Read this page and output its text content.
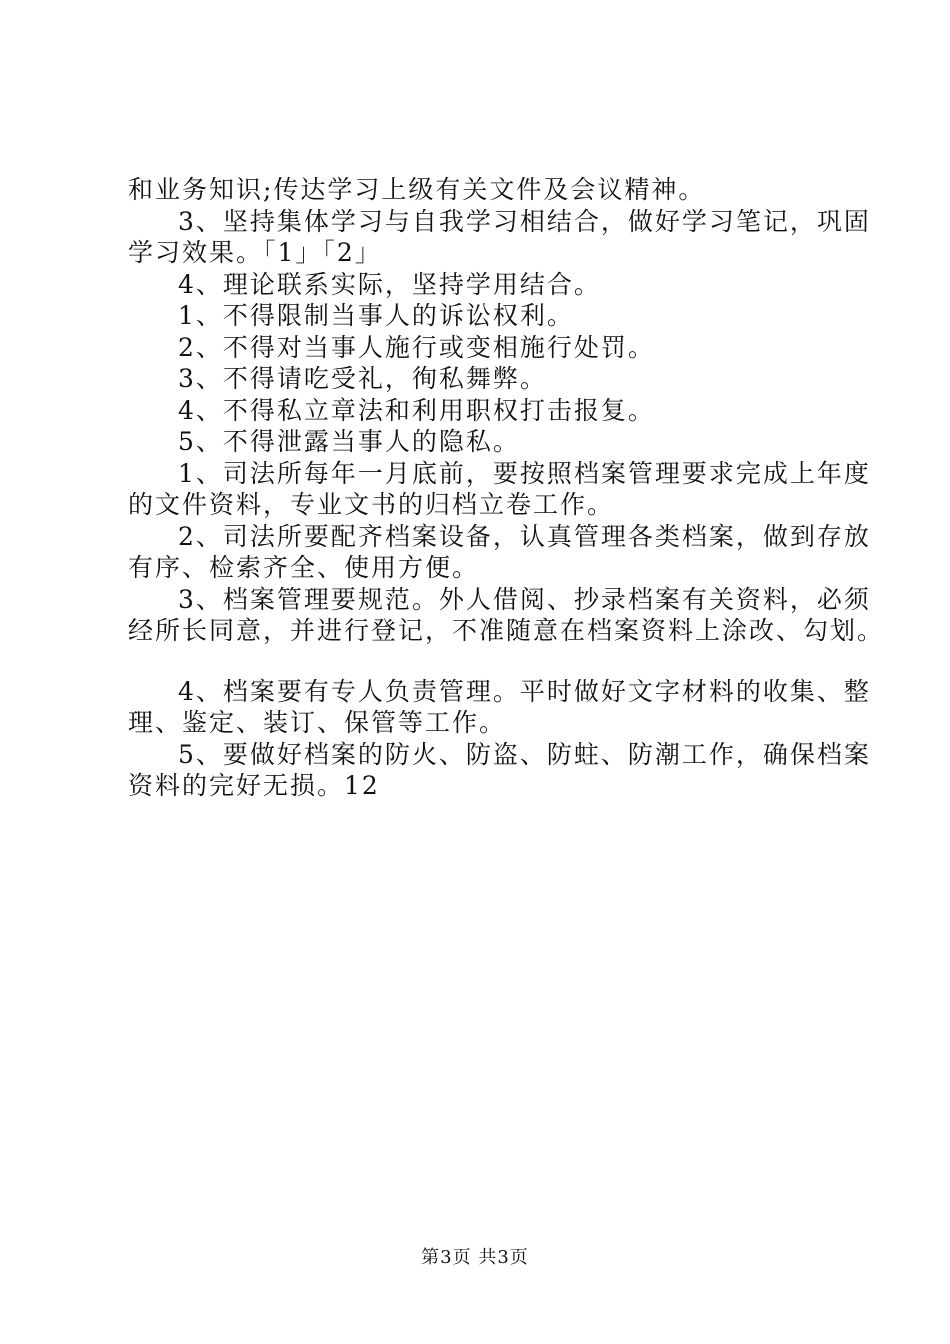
和业务知识;传达学习上级有关文件及会议精神。
3、坚持集体学习与自我学习相结合，做好学习笔记，巩固
学习效果。「1」「2」
4、理论联系实际，坚持学用结合。
1、不得限制当事人的诉讼权利。
2、不得对当事人施行或变相施行处罚。
3、不得请吃受礼，徇私舞弊。
4、不得私立章法和利用职权打击报复。
5、不得泄露当事人的隐私。
1、司法所每年一月底前，要按照档案管理要求完成上年度
的文件资料，专业文书的归档立卷工作。
2、司法所要配齐档案设备，认真管理各类档案，做到存放
有序、检索齐全、使用方便。
3、档案管理要规范。外人借阅、抄录档案有关资料，必须
经所长同意，并进行登记，不准随意在档案资料上涂改、勾划。
4、档案要有专人负责管理。平时做好文字材料的收集、整
理、鉴定、装订、保管等工作。
5、要做好档案的防火、防盗、防蛀、防潮工作，确保档案
资料的完好无损。12
第3页 共3页
